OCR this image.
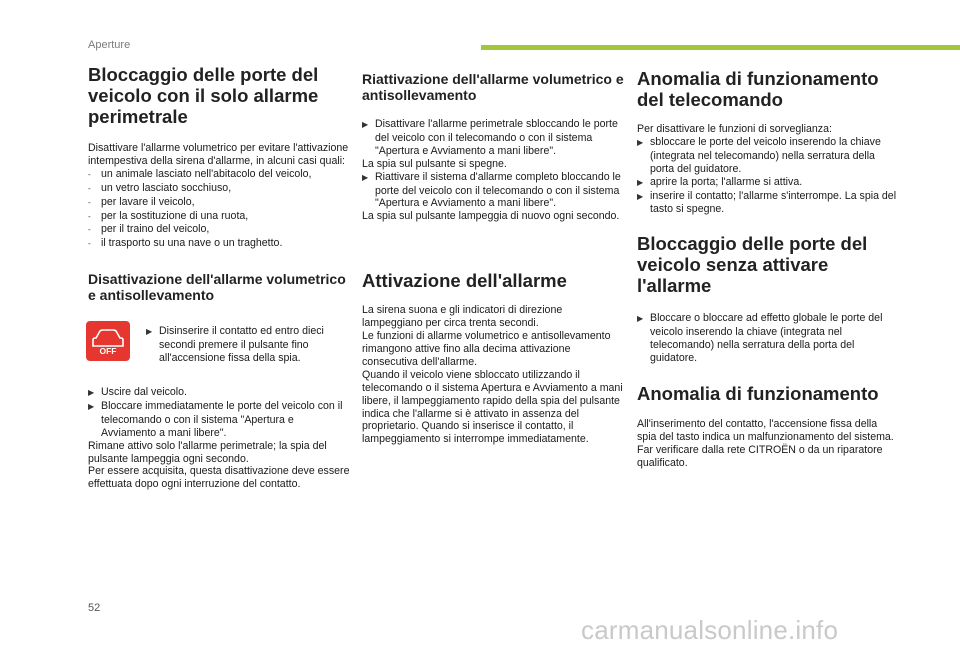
Aperture
Bloccaggio delle porte del veicolo con il solo allarme perimetrale

Disattivare l'allarme volumetrico per evitare l'attivazione intempestiva della sirena d'allarme, in alcuni casi quali:

- un animale lasciato nell'abitacolo del veicolo,

- un vetro lasciato socchiuso,

- per lavare il veicolo,

- per la sostituzione di una ruota,

- per il traino del veicolo,

- il trasporto su una nave o un traghetto.

Disattivazione dell'allarme volumetrico e antisollevamento
OFF

▶ Disinserire il contatto ed entro dieci secondi premere il pulsante fino all'accensione fissa della spia.

▶ Uscire dal veicolo.

▶ Bloccare immediatamente le porte del veicolo con il telecomando o con il sistema "Apertura e Avviamento a mani libere".

Rimane attivo solo l'allarme perimetrale; la spia del pulsante lampeggia ogni secondo.
Per essere acquisita, questa disattivazione deve essere effettuata dopo ogni interruzione del contatto.

Riattivazione dell'allarme volumetrico e antisollevamento

▶ Disattivare l'allarme perimetrale sbloccando le porte del veicolo con il telecomando o con il sistema "Apertura e Avviamento a mani libere".

La spia sul pulsante si spegne.

▶ Riattivare il sistema d'allarme completo bloccando le porte del veicolo con il telecomando o con il sistema "Apertura e Avviamento a mani libere".

La spia sul pulsante lampeggia di nuovo ogni secondo.

Attivazione dell'allarme

La sirena suona e gli indicatori di direzione lampeggiano per circa trenta secondi.
Le funzioni di allarme volumetrico e antisollevamento rimangono attive fino alla decima attivazione consecutiva dell'allarme.
Quando il veicolo viene sbloccato utilizzando il telecomando o il sistema Apertura e Avviamento a mani libere, il lampeggiamento rapido della spia del pulsante indica che l'allarme si è attivato in assenza del proprietario. Quando si inserisce il contatto, il lampeggiamento si interrompe immediatamente.

Anomalia di funzionamento del telecomando

Per disattivare le funzioni di sorveglianza:

▶ sbloccare le porte del veicolo inserendo la chiave (integrata nel telecomando) nella serratura della porta del guidatore.

▶ aprire la porta; l'allarme si attiva.

▶ inserire il contatto; l'allarme s'interrompe. La spia del tasto si spegne.

Bloccaggio delle porte del veicolo senza attivare l'allarme

▶ Bloccare o bloccare ad effetto globale le porte del veicolo inserendo la chiave (integrata nel telecomando) nella serratura della porta del guidatore.

Anomalia di funzionamento

All'inserimento del contatto, l'accensione fissa della spia del tasto indica un malfunzionamento del sistema.
Far verificare dalla rete CITROËN o da un riparatore qualificato.

52
carmanualsonline.info
